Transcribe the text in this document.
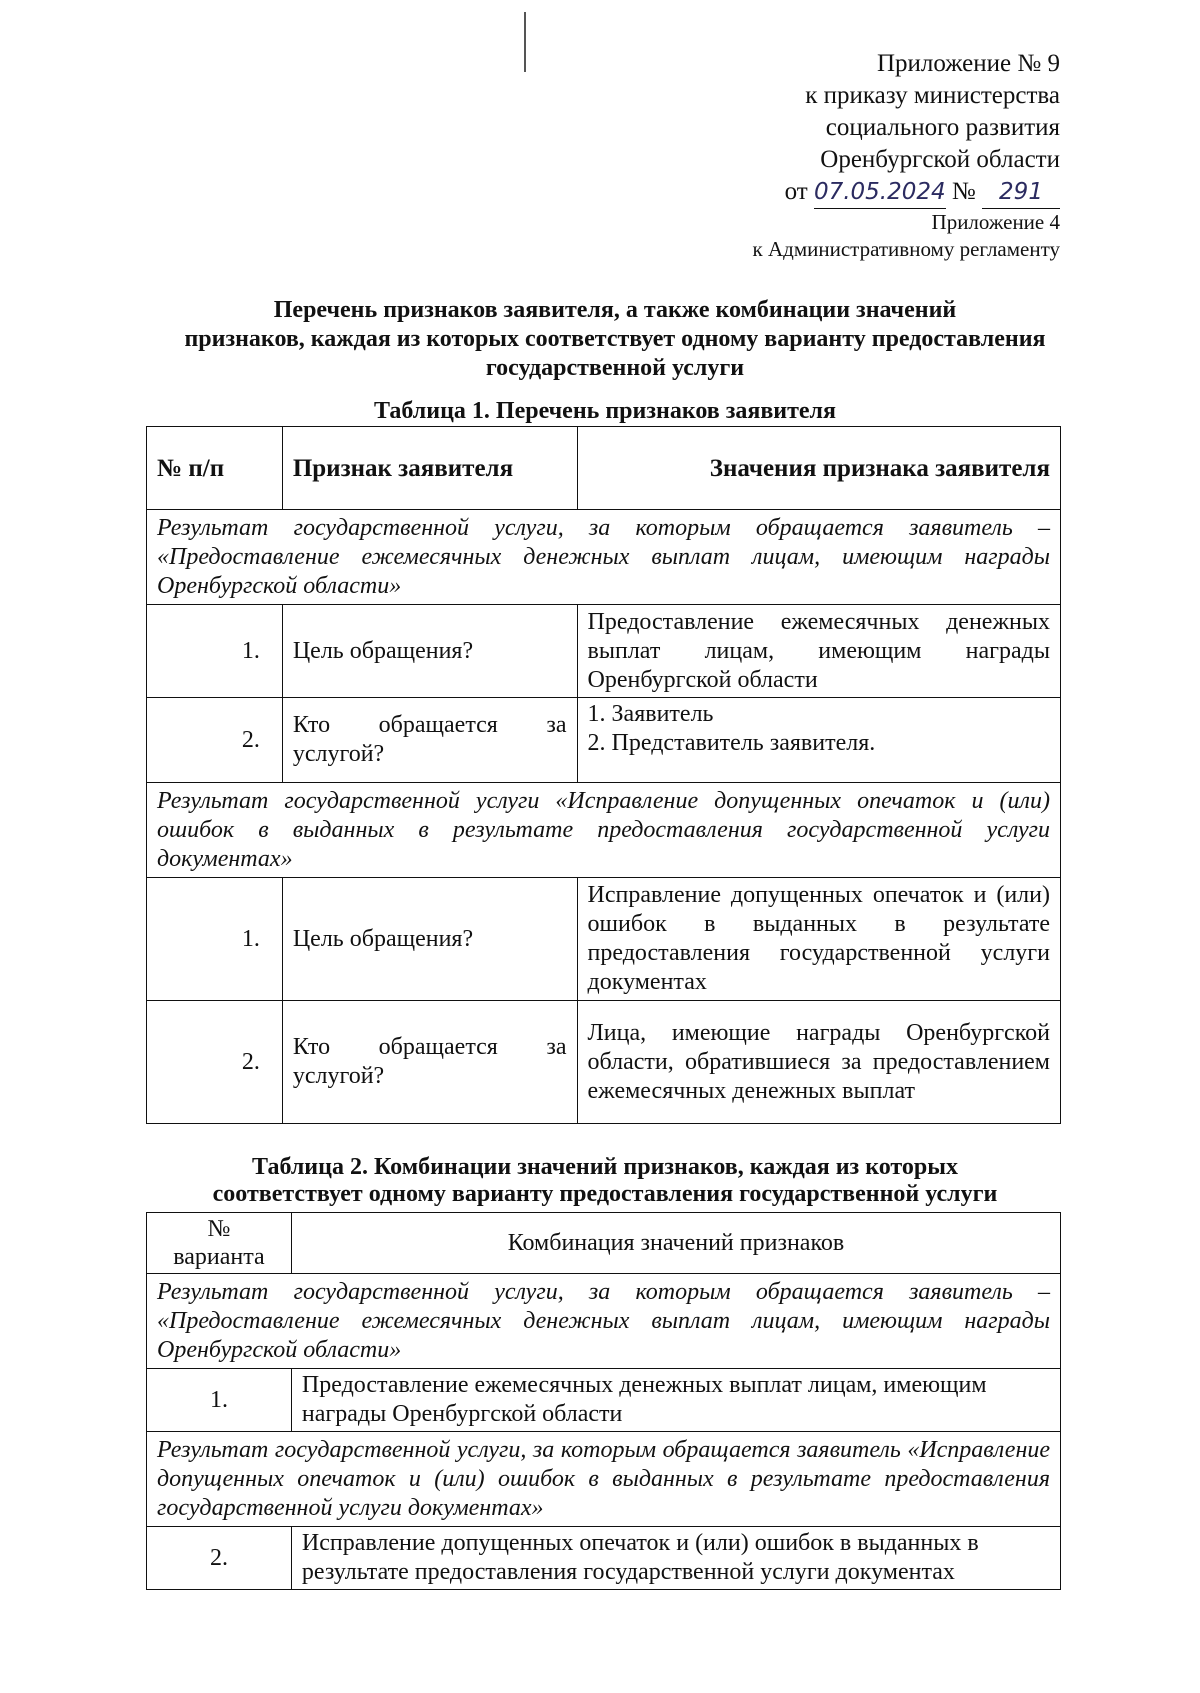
Приложение № 9
к приказу министерства
социального развития
Оренбургской области
от 07.05.2024 № 291
Приложение 4
к Административному регламенту
Перечень признаков заявителя, а также комбинации значений
признаков, каждая из которых соответствует одному варианту предоставления
государственной услуги
Таблица 1. Перечень признаков заявителя
№ п/п	Признак заявителя	Значения признака заявителя
Результат государственной услуги, за которым обращается заявитель – «Предоставление ежемесячных денежных выплат лицам, имеющим награды Оренбургской области»		
1.	Цель обращения?	Предоставление ежемесячных денежных выплат лицам, имеющим награды Оренбургской области
2.	Кто обращается за услугой?	1. Заявитель
2. Представитель заявителя.

Результат государственной услуги «Исправление допущенных опечаток и (или) ошибок в выданных в результате предоставления государственной услуги документах»		
1.	Цель обращения?	Исправление допущенных опечаток и (или) ошибок в выданных в результате предоставления государственной услуги документах
2.	Кто обращается за услугой?	Лица, имеющие награды Оренбургской области, обратившиеся за предоставлением ежемесячных денежных выплат
Таблица 2. Комбинации значений признаков, каждая из которых
соответствует одному варианту предоставления государственной услуги
№
варианта	Комбинация значений признаков
Результат государственной услуги, за которым обращается заявитель – «Предоставление ежемесячных денежных выплат лицам, имеющим награды Оренбургской области»	
1.	Предоставление ежемесячных денежных выплат лицам, имеющим награды Оренбургской области
Результат государственной услуги, за которым обращается заявитель «Исправление допущенных опечаток и (или) ошибок в выданных в результате предоставления государственной услуги документах»	
2.	Исправление допущенных опечаток и (или) ошибок в выданных в результате предоставления государственной услуги документах
